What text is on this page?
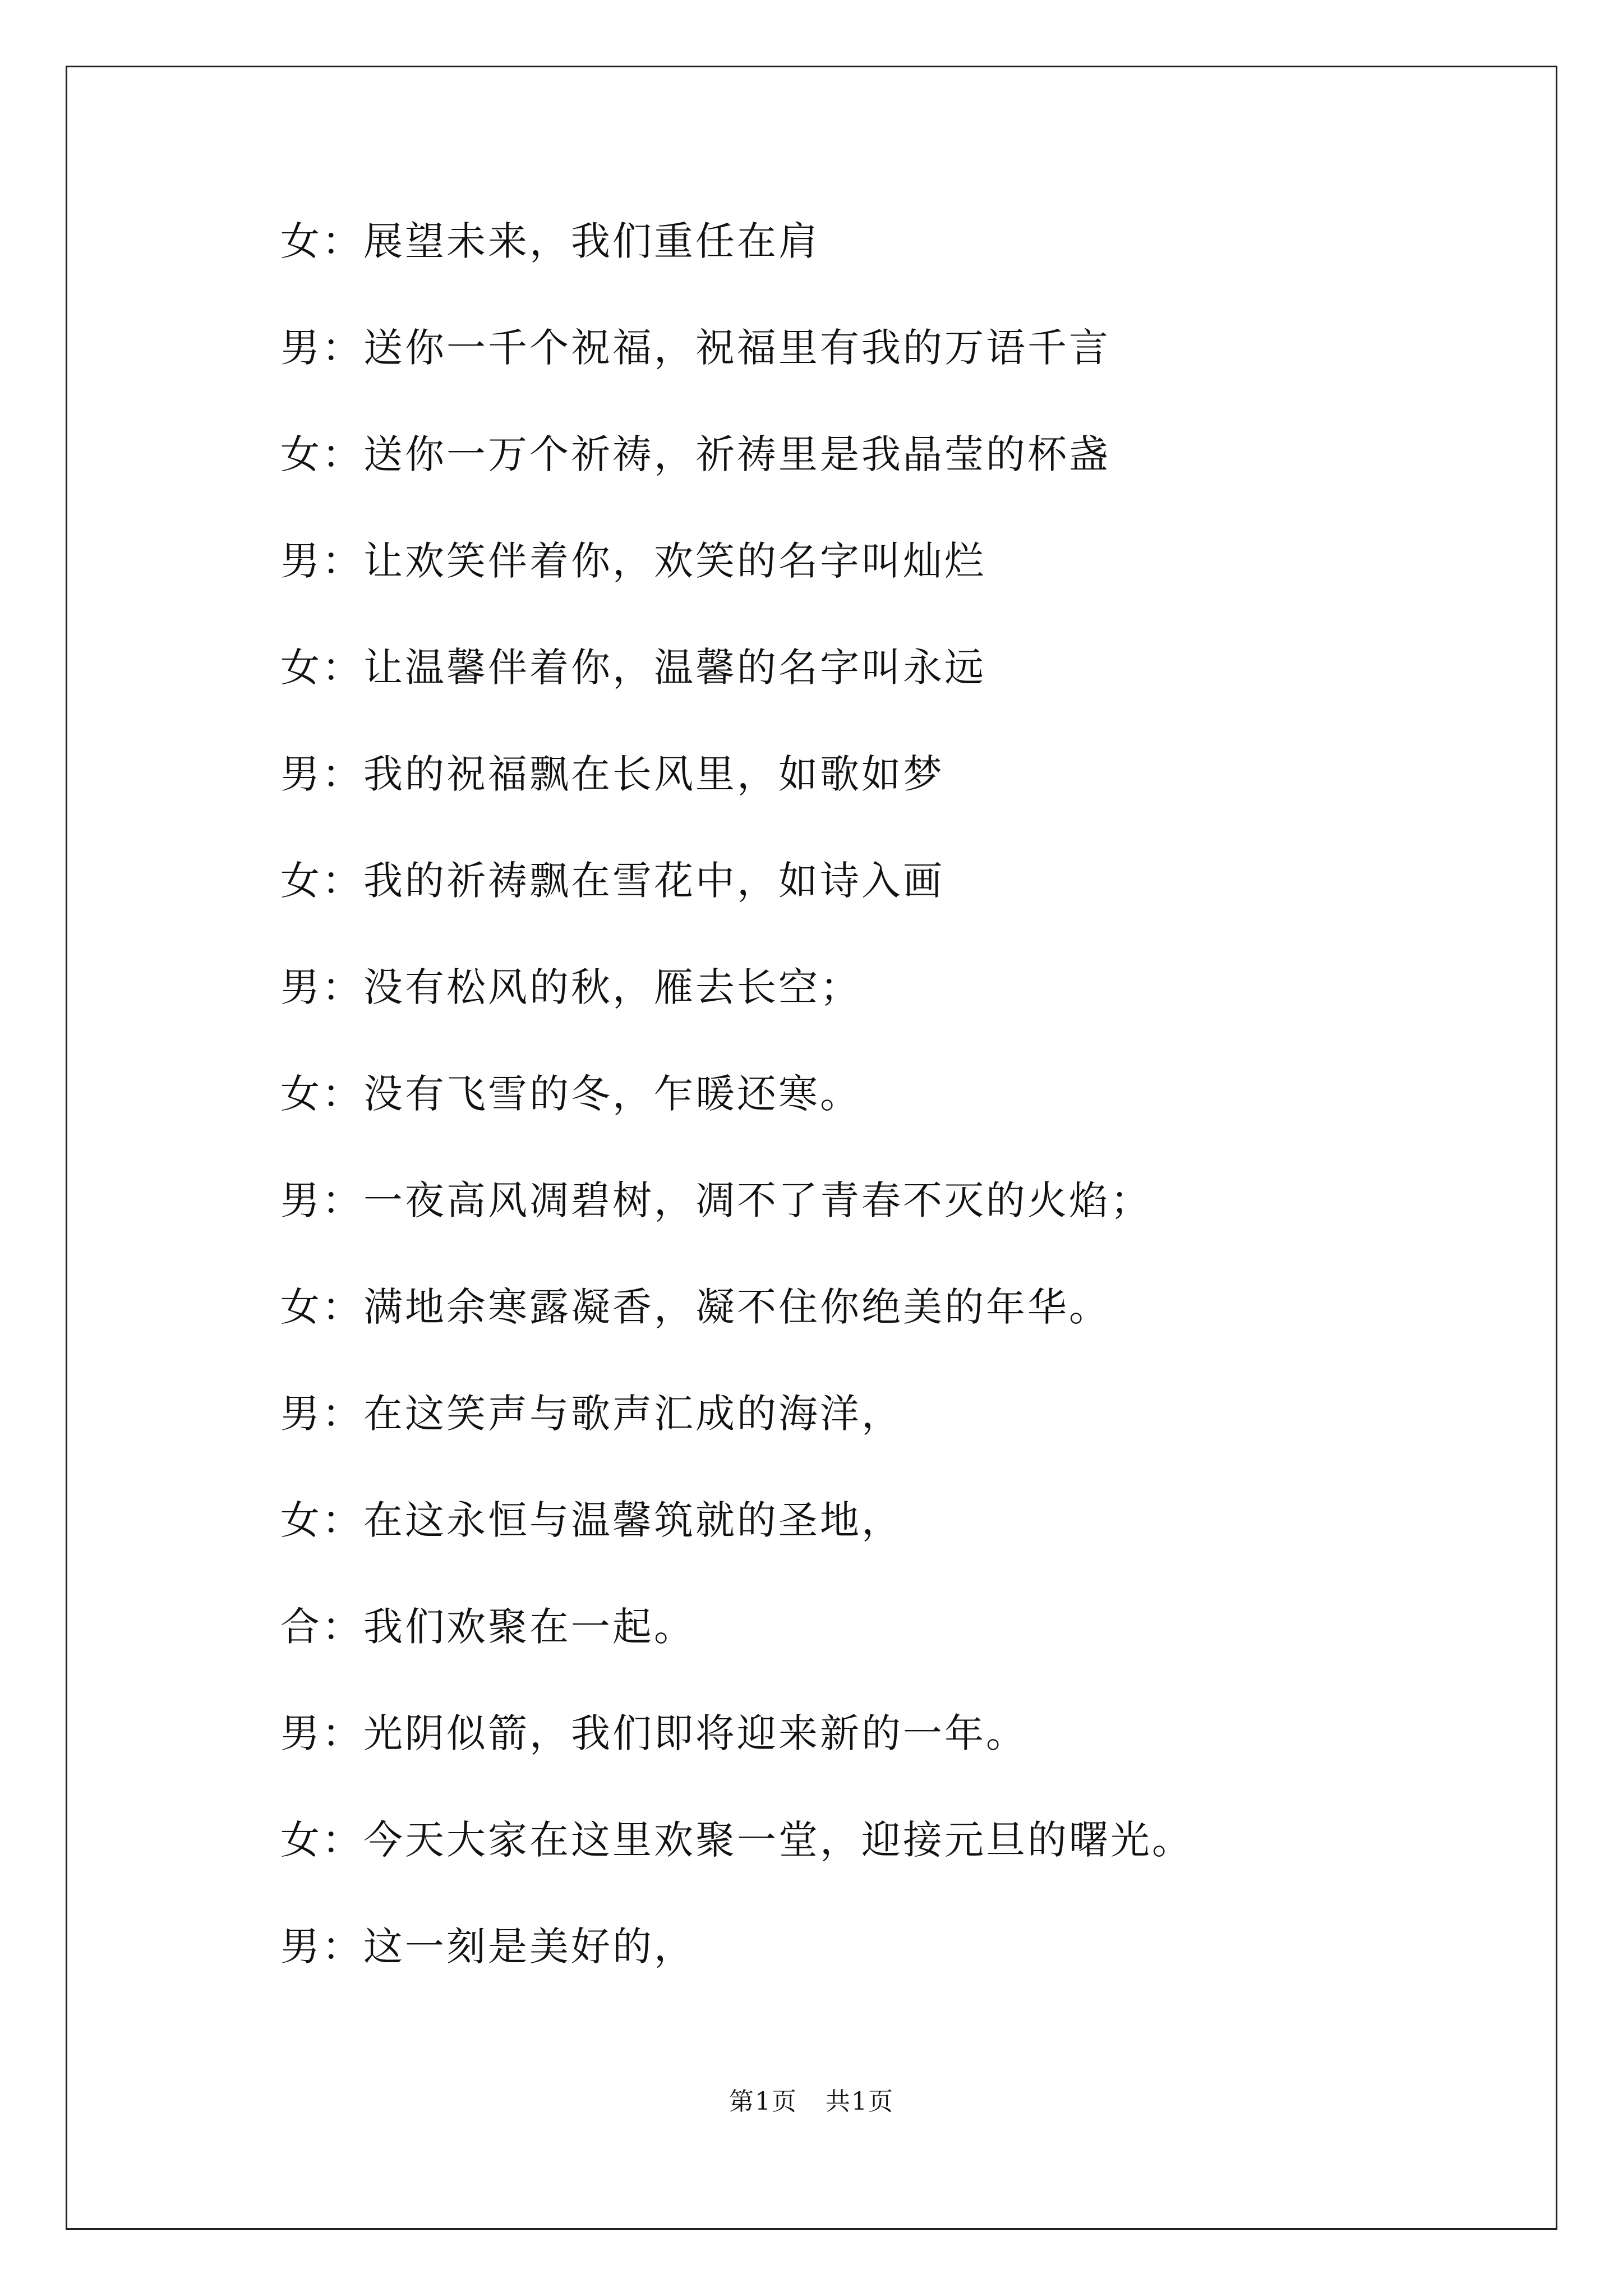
女：展望未来，我们重任在肩
男：送你一千个祝福，祝福里有我的万语千言
女：送你一万个祈祷，祈祷里是我晶莹的杯盏
男：让欢笑伴着你，欢笑的名字叫灿烂
女：让温馨伴着你，温馨的名字叫永远
男：我的祝福飘在长风里，如歌如梦
女：我的祈祷飘在雪花中，如诗入画
男：没有松风的秋，雁去长空；
女：没有飞雪的冬，乍暖还寒。
男：一夜高风凋碧树，凋不了青春不灭的火焰；
女：满地余寒露凝香，凝不住你绝美的年华。
男：在这笑声与歌声汇成的海洋，
女：在这永恒与温馨筑就的圣地，
合：我们欢聚在一起。
男：光阴似箭，我们即将迎来新的一年。
女：今天大家在这里欢聚一堂，迎接元旦的曙光。
男：这一刻是美好的，
第1页 共1页
